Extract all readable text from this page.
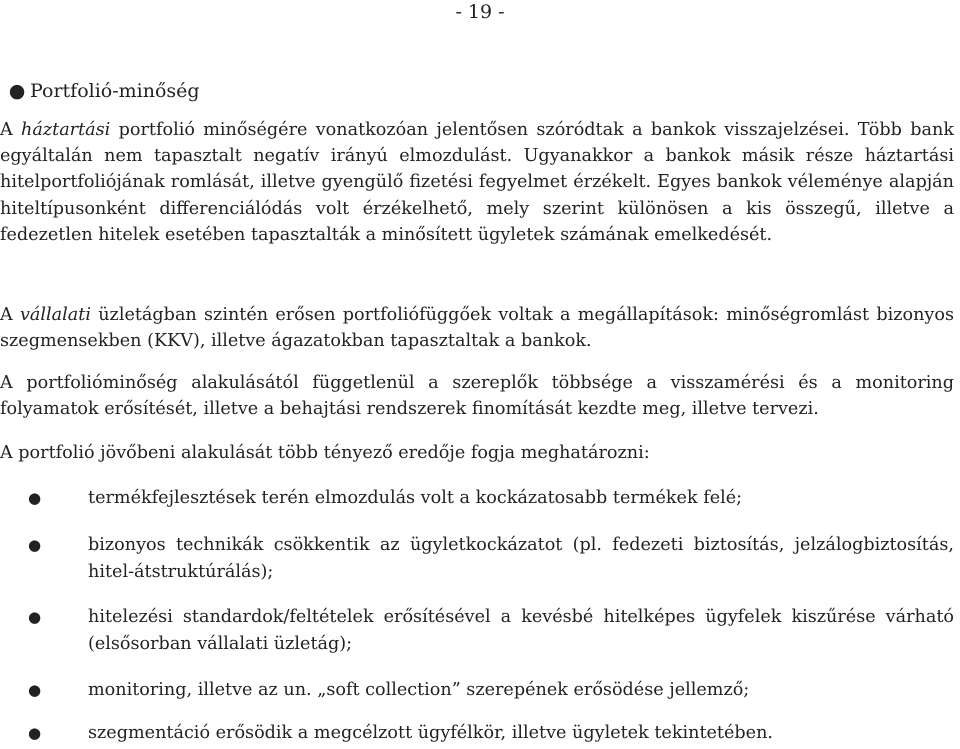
- 19 -
● Portfolió-minőség

A háztartási portfolió minőségére vonatkozóan jelentősen szóródtak a bankok visszajelzései. Több bank egyáltalán nem tapasztalt negatív irányú elmozdulást. Ugyanakkor a bankok másik része háztartási hitelportfoliójának romlását, illetve gyengülő fizetési fegyelmet érzékelt. Egyes bankok véleménye alapján hiteltípusonként differenciálódás volt érzékelhető, mely szerint különösen a kis összegű, illetve a fedezetlen hitelek esetében tapasztalták a minősített ügyletek számának emelkedését.

A vállalati üzletágban szintén erősen portfoliófüggőek voltak a megállapítások: minőségromlást bizonyos szegmensekben (KKV), illetve ágazatokban tapasztaltak a bankok.

A portfolióminőség alakulásától függetlenül a szereplők többsége a visszamérési és a monitoring folyamatok erősítését, illetve a behajtási rendszerek finomítását kezdte meg, illetve tervezi.

A portfolió jövőbeni alakulását több tényező eredője fogja meghatározni:

●	termékfejlesztések terén elmozdulás volt a kockázatosabb termékek felé;
●	bizonyos technikák csökkentik az ügyletkockázatot (pl. fedezeti biztosítás, jelzálogbiztosítás, hitel-átstruktúrálás);
●	hitelezési standardok/feltételek erősítésével a kevésbé hitelképes ügyfelek kiszűrése várható (elsősorban vállalati üzletág);
●	monitoring, illetve az un. „soft collection” szerepének erősödése jellemző;
●	szegmentáció erősödik a megcélzott ügyfélkör, illetve ügyletek tekintetében.
